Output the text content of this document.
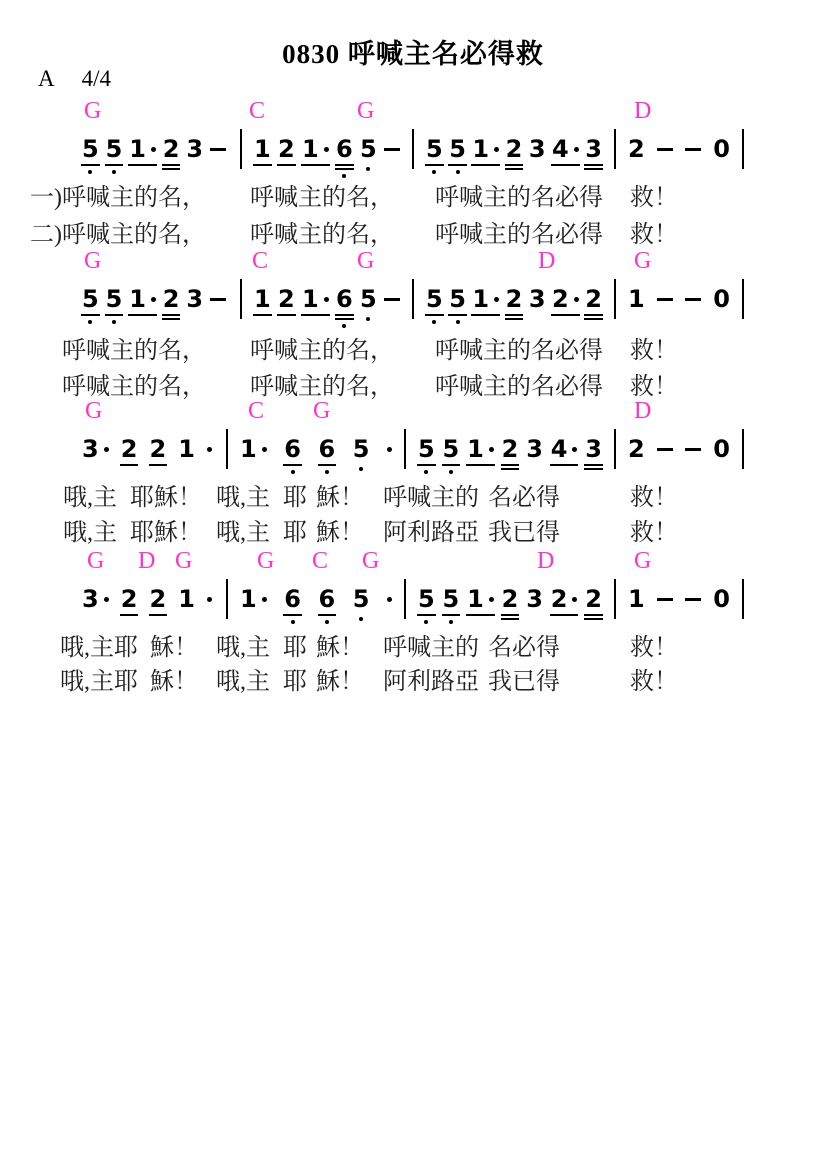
0830 呼喊主名必得救
A 4/4
G	C	G	D
5 5 1 2 3 1 2 1 6 5 5 5 1 2 3 4 3 2	0
一)呼喊主的名， 呼喊主的名， 呼喊主的名必得 救！
二)呼喊主的名， 呼喊主的名， 呼喊主的名必得 救！
G	C	G	D	G
5 5 1 2 3 1 2 1 6 5 5 5 1 2 3 2 2 1	0
呼喊主的名， 呼喊主的名， 呼喊主的名必得 救！
呼喊主的名， 呼喊主的名， 呼喊主的名必得 救！
G	C G	D
3 2 2 1 1 6 6 5 5 5 1 2 3 4 3 2	0
哦,主 耶穌！ 哦,主 耶 穌！ 呼喊主的 名必得	救！
哦,主 耶穌！ 哦,主 耶 穌！ 阿利路亞 我已得	救！
G D G	G C G	D	G
3 2 2 1 1 6 6 5 5 5 1 2 3 2 2 1	0
哦,主耶 穌！ 哦,主 耶 穌！ 呼喊主的 名必得	救！
哦,主耶 穌！ 哦,主 耶 穌！ 阿利路亞 我已得	救！
